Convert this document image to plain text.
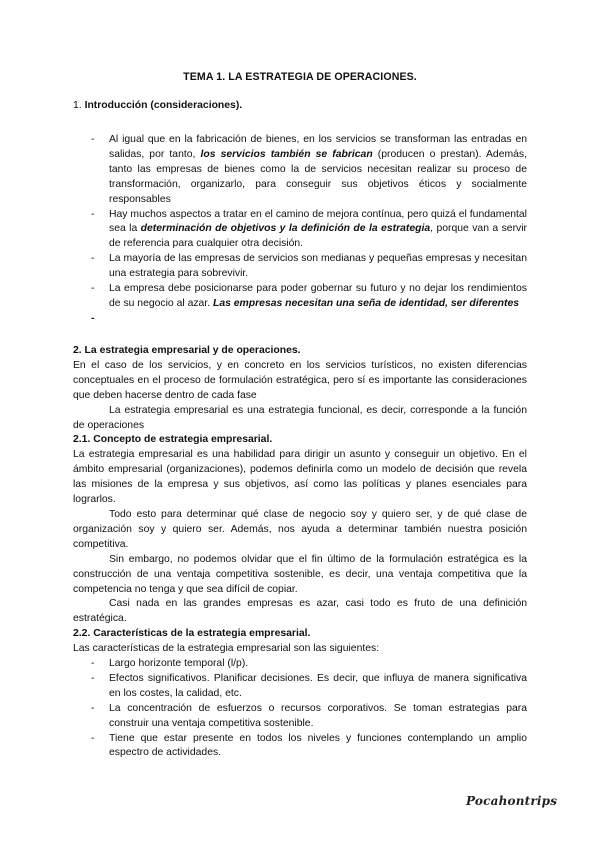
TEMA 1. LA ESTRATEGIA DE OPERACIONES.
1. Introducción (consideraciones).
- Al igual que en la fabricación de bienes, en los servicios se transforman las entradas en salidas, por tanto, los servicios también se fabrican (producen o prestan). Además, tanto las empresas de bienes como la de servicios necesitan realizar su proceso de transformación, organizarlo, para conseguir sus objetivos éticos y socialmente responsables
- Hay muchos aspectos a tratar en el camino de mejora contínua, pero quizá el fundamental sea la determinación de objetivos y la definición de la estrategia, porque van a servir de referencia para cualquier otra decisión.
- La mayoría de las empresas de servicios son medianas y pequeñas empresas y necesitan una estrategia para sobrevivir.
- La empresa debe posicionarse para poder gobernar su futuro y no dejar los rendimientos de su negocio al azar. Las empresas necesitan una seña de identidad, ser diferentes
-

2. La estrategia empresarial y de operaciones.

En el caso de los servicios, y en concreto en los servicios turísticos, no existen diferencias conceptuales en el proceso de formulación estratégica, pero sí es importante las consideraciones que deben hacerse dentro de cada fase

La estrategia empresarial es una estrategia funcional, es decir, corresponde a la función de operaciones

2.1. Concepto de estrategia empresarial.

La estrategia empresarial es una habilidad para dirigir un asunto y conseguir un objetivo. En el ámbito empresarial (organizaciones), podemos definirla como un modelo de decisión que revela las misiones de la empresa y sus objetivos, así como las políticas y planes esenciales para lograrlos.

Todo esto para determinar qué clase de negocio soy y quiero ser, y de qué clase de organización soy y quiero ser. Además, nos ayuda a determinar también nuestra posición competitiva.

Sin embargo, no podemos olvidar que el fin último de la formulación estratégica es la construcción de una ventaja competitiva sostenible, es decir, una ventaja competitiva que la competencia no tenga y que sea difícil de copiar.

Casi nada en las grandes empresas es azar, casi todo es fruto de una definición estratégica.

2.2. Características de la estrategia empresarial.

Las características de la estrategia empresarial son las siguientes:

- Largo horizonte temporal (l/p).
- Efectos significativos. Planificar decisiones. Es decir, que influya de manera significativa en los costes, la calidad, etc.
- La concentración de esfuerzos o recursos corporativos. Se toman estrategias para construir una ventaja competitiva sostenible.
- Tiene que estar presente en todos los niveles y funciones contemplando un amplio espectro de actividades.
Pocahontrips
